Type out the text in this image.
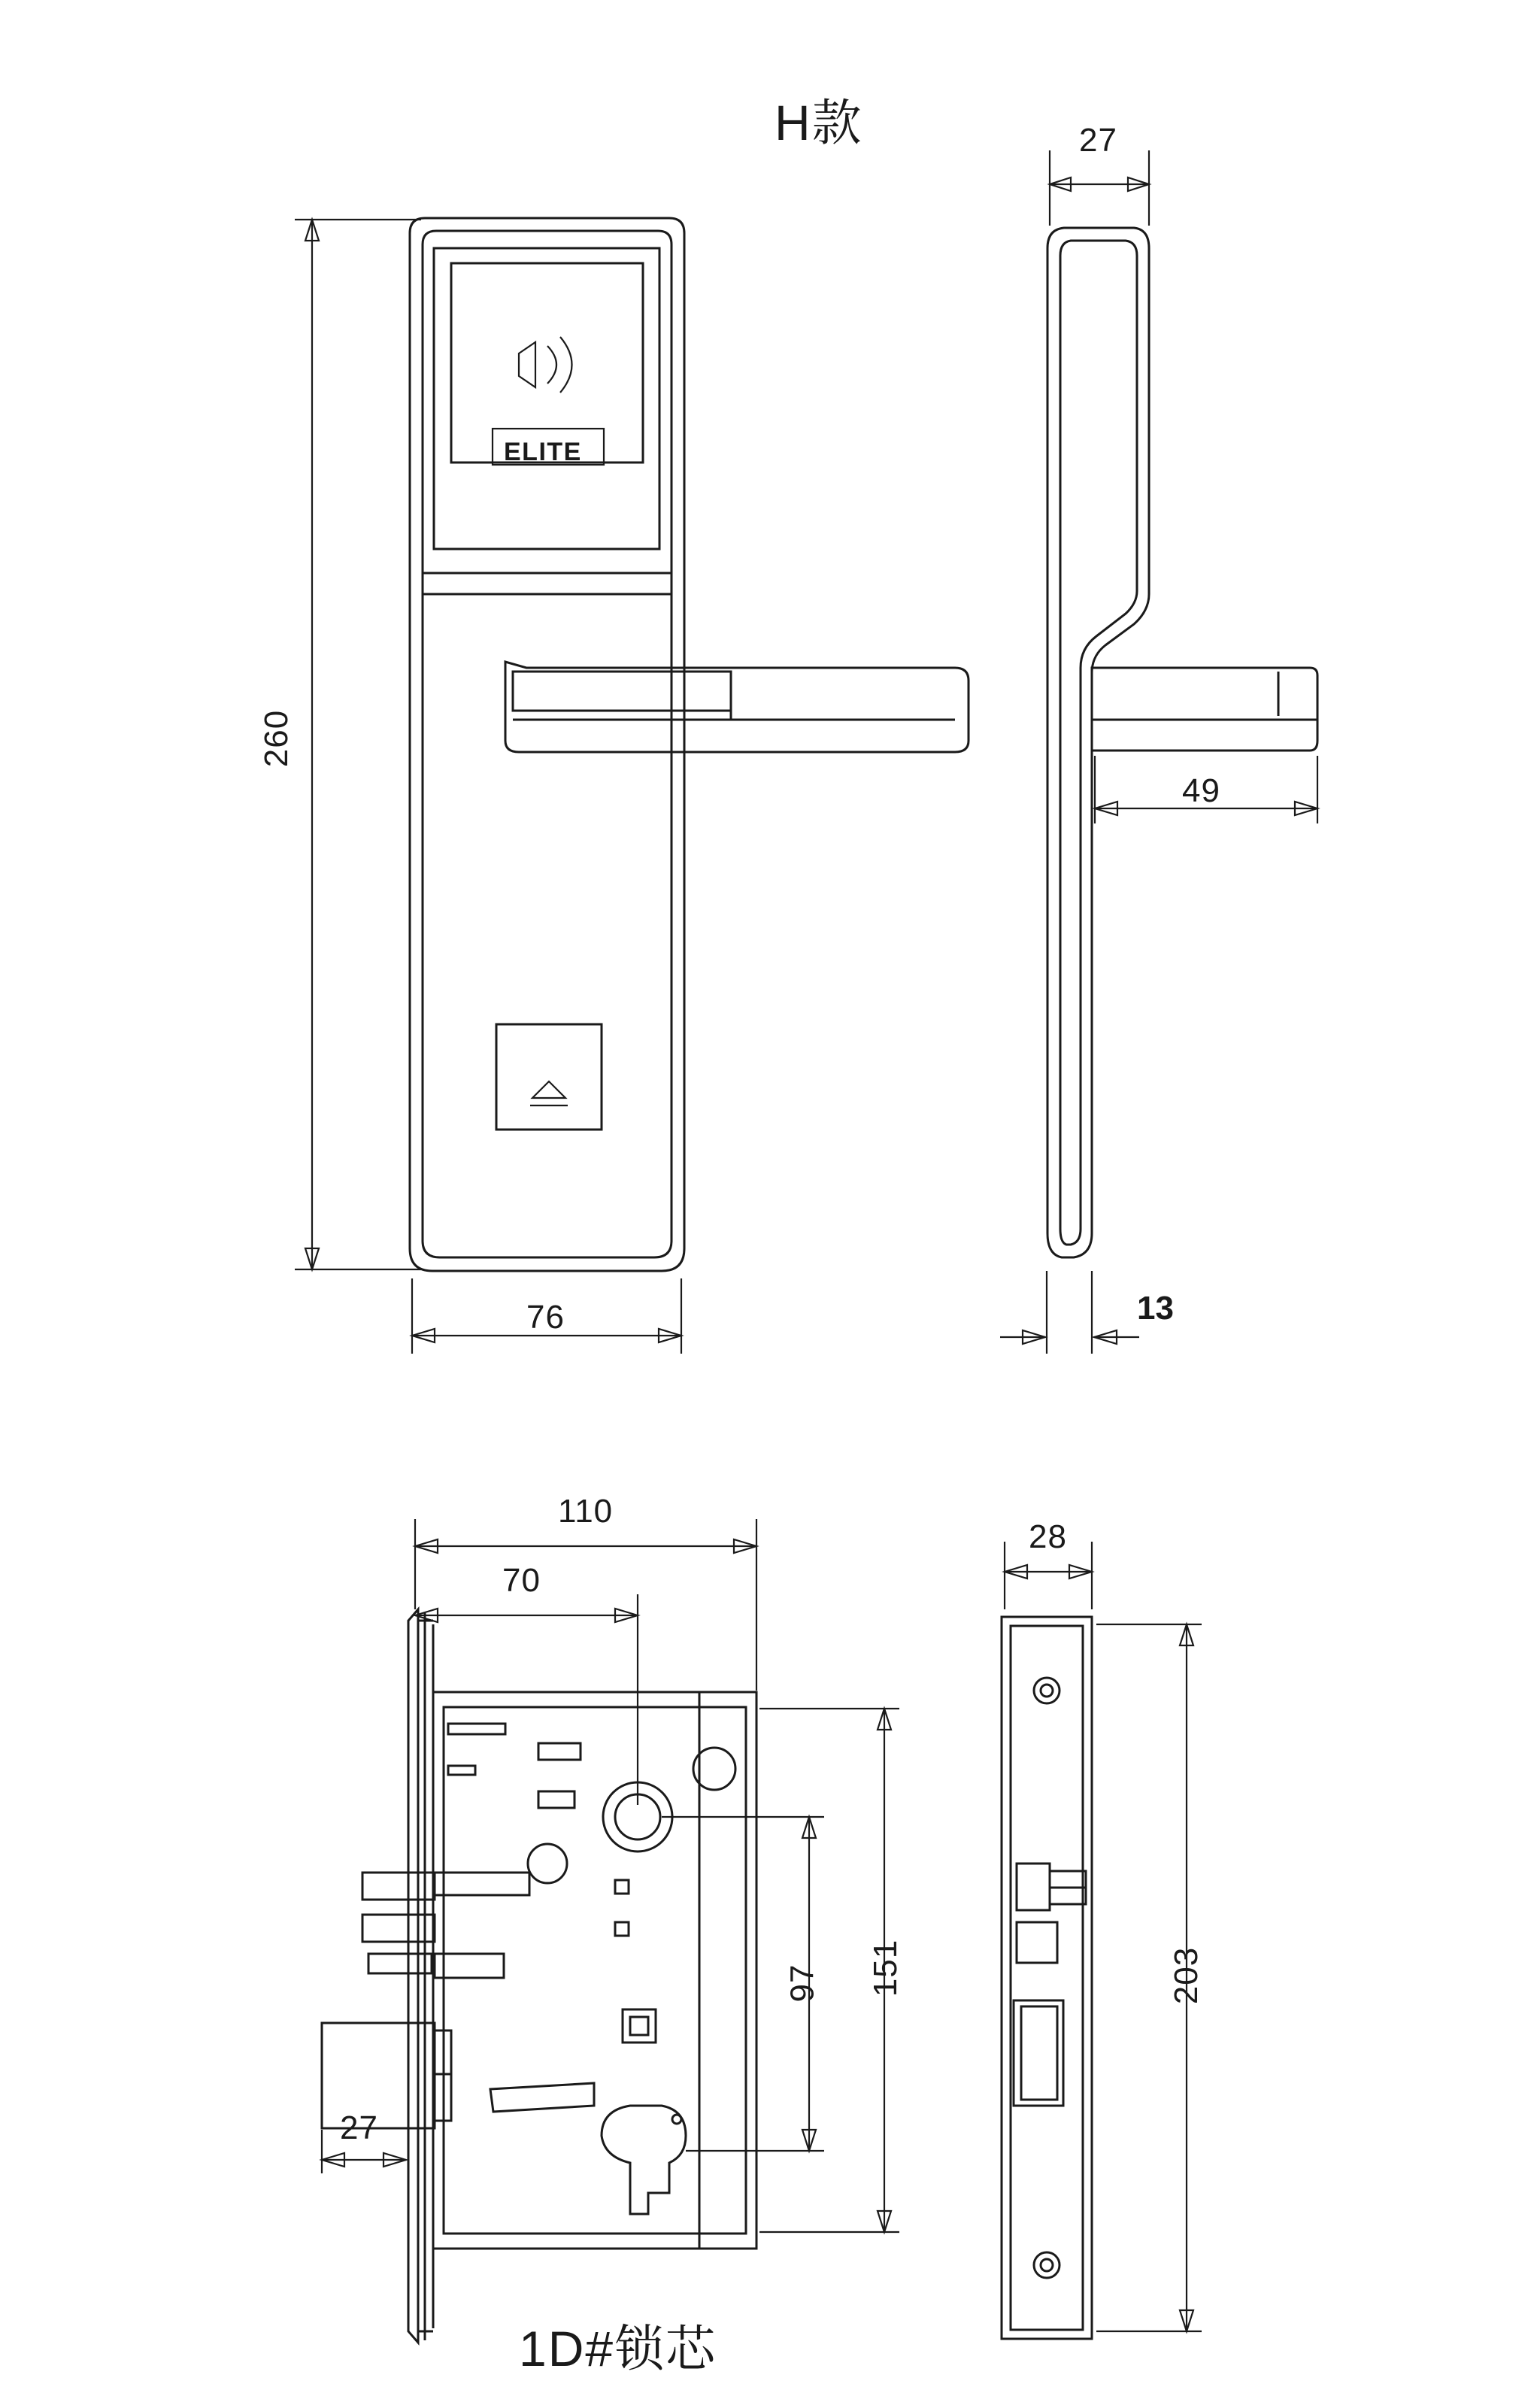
H款
ELITE
260
76
27
49
13
110
70
151
97
27
28
203
1D#锁芯
